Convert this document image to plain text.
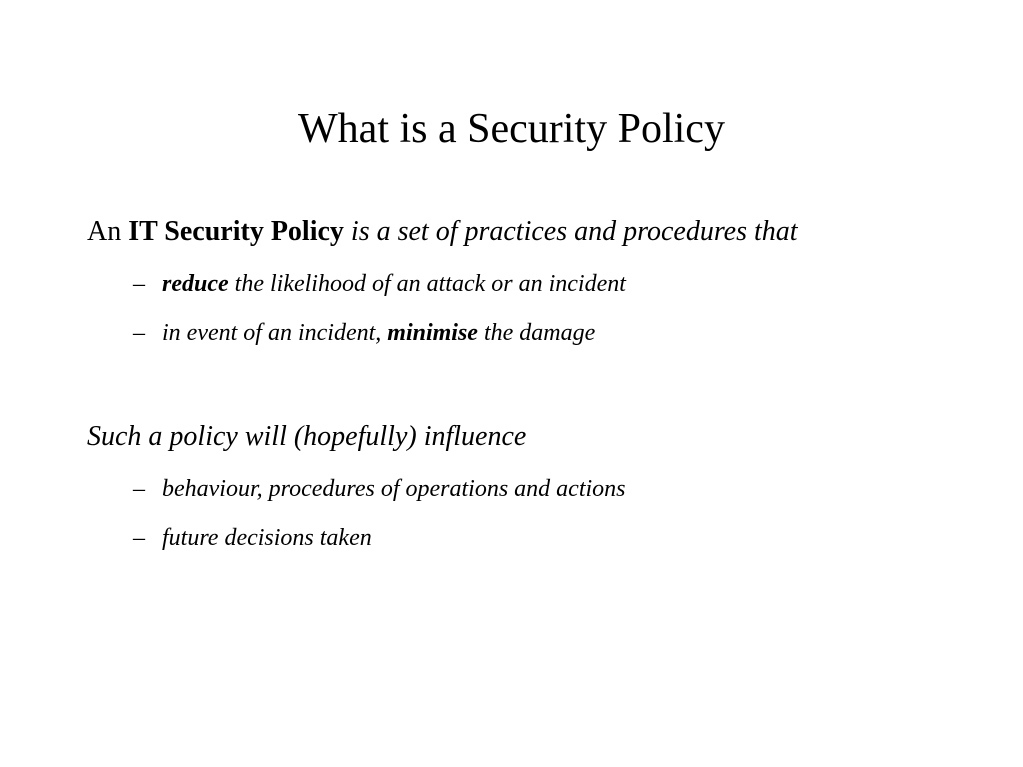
What is a Security Policy
An IT Security Policy is a set of practices and procedures that
– reduce the likelihood of an attack or an incident
– in event of an incident, minimise the damage
Such a policy will (hopefully) influence
– behaviour, procedures of operations and actions
– future decisions taken
